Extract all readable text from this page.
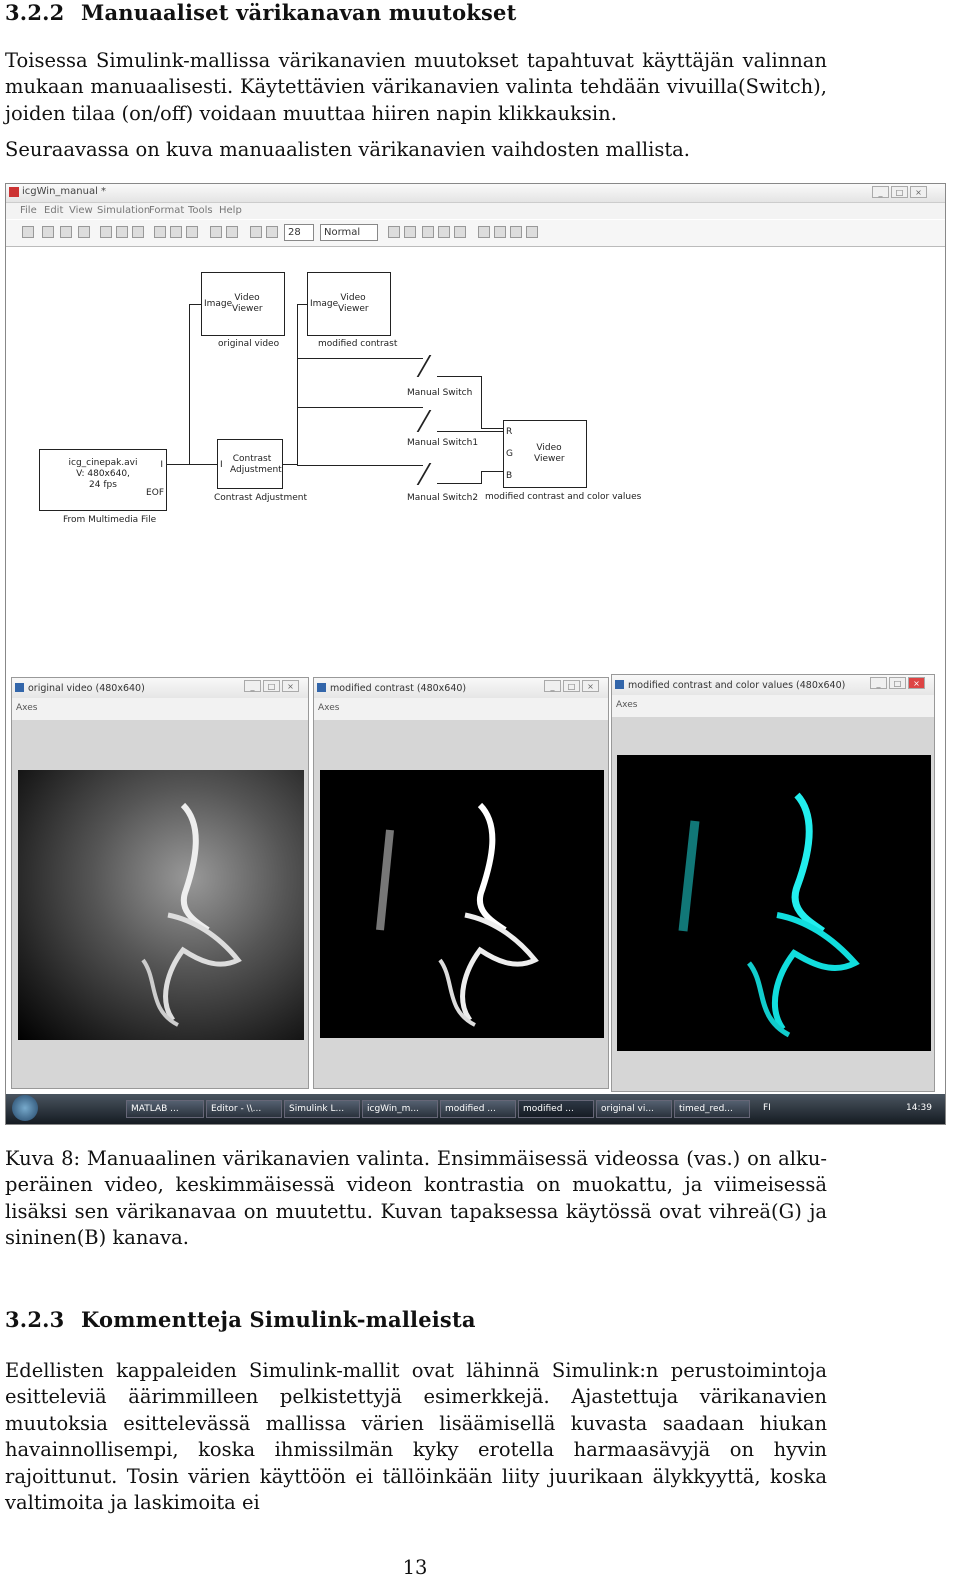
3.2.2 Manuaaliset värikanavan muutokset

Toisessa Simulink-mallissa värikanavien muutokset tapahtuvat käyttäjän valinnan mukaan manuaalisesti. Käytettävien värikanavien valinta tehdään vivuilla(Switch), joiden tilaa (on/off) voidaan muuttaa hiiren napin klikkauksin.

Seuraavassa on kuva manuaalisten värikanavien vaihdosten mallista.

icgWin_manual *	_	□	×
File Edit View Simulation
Format Tools Help
28	Normal
Image
Video Viewer
original video
Image
Video Viewer
modified contrast
icg_cinepak.avi
V: 480x640,
24 fps
I
EOF
From Multimedia File
I
Contrast Adjustment
Contrast Adjustment
Manual Switch
Manual Switch1
Manual Switch2
R
G
B
Video Viewer
modified contrast and color values
original video (480x640)	_	□	×
Axes
modified contrast (480x640)	_	□	×
Axes
modified contrast and color values (480x640)	_	□	×
Axes
MATLAB ...	Editor - \\...	Simulink L...	icgWin_m...	modified ...	modified ...	original vi...	timed_red...	FI	14:39
Kuva 8: Manuaalinen värikanavien valinta. Ensimmäisessä videossa (vas.) on alkuperäinen video, keskimmäisessä videon kontrastia on muokattu, ja viimeisessä lisäksi sen värikanavaa on muutettu. Kuvan tapaksessa käytössä ovat vihreä(G) ja sininen(B) kanava.
3.2.3 Kommentteja Simulink-malleista
Edellisten kappaleiden Simulink-mallit ovat lähinnä Simulink:n perustoimintoja esitteleviä äärimmilleen pelkistettyjä esimerkkejä. Ajastettuja värikanavien muutoksia esittelevässä mallissa värien lisäämisellä kuvasta saadaan hiukan havainnollisempi, koska ihmissilmän kyky erotella harmaasävyjä on hyvin rajoittunut. Tosin värien käyttöön ei tällöinkään liity juurikaan älykkyyttä, koska valtimoita ja laskimoita ei
13
